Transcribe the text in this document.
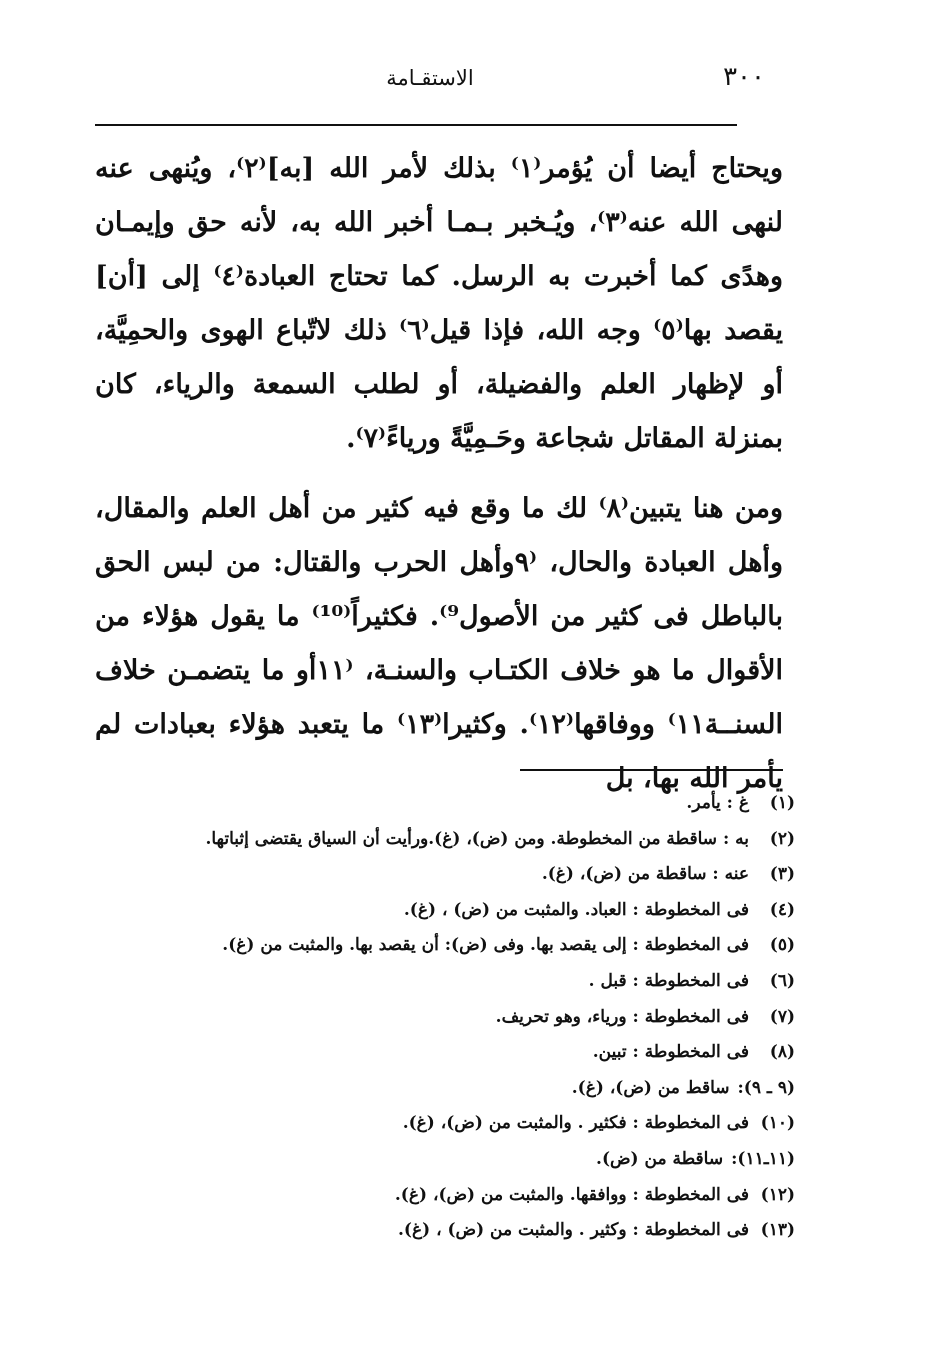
٣٠٠
الاستقـامة

ويحتاج أيضا أن يُؤمر⁽١⁾ بذلك لأمر الله [به]⁽٢⁾، ويُنهى عنه لنهى الله عنه⁽٣⁾، ويُـخبر بـمـا أخبر الله به، لأنه حق وإيمـان وهدًى كما أخبرت به الرسل. كما تحتاج العبادة⁽٤⁾ إلى [أن] يقصد بها⁽٥⁾ وجه الله، فإذا قيل⁽٦⁾ ذلك لاتّباع الهوى والحمِيَّة، أو لإظهار العلم والفضيلة، أو لطلب السمعة والرياء، كان بمنزلة المقاتل شجاعة وحَـمِيَّةً ورياءً⁽٧⁾.

ومن هنا يتبين⁽٨⁾ لك ما وقع فيه كثير من أهل العلم والمقال، وأهل العبادة والحال، ⁽٩وأهل الحرب والقتال: من لبس الحق بالباطل فى كثير من الأصول⁹⁾. فكثيراً⁽¹⁰⁾ ما يقول هؤلاء من الأقوال ما هو خلاف الكتـاب والسنـة، ⁽١١أو ما يتضمـن خلاف السنــة١١⁾ ووفاقها⁽١٢⁾. وكثيرا⁽١٣⁾ ما يتعبد هؤلاء بعبادات لم يأمر الله بها، بل

(١)غ : يأمر.
(٢)به : ساقطة من المخطوطة. ومن (ض)، (غ).ورأيت أن السياق يقتضى إثباتها.
(٣)عنه : ساقطة من (ض)، (غ).
(٤)فى المخطوطة : العباد. والمثبت من (ض) ، (غ).
(٥)فى المخطوطة : إلى يقصد بها. وفى (ض): أن يقصد بها. والمثبت من (غ).
(٦)فى المخطوطة : قبل .
(٧)فى المخطوطة : ورياء، وهو تحريف.
(٨)فى المخطوطة : تبين.
(٩ ـ ٩):ساقط من (ض)، (غ).
(١٠)فى المخطوطة : فكثير . والمثبت من (ض)، (غ).
(١١ـ١١):ساقطة من (ض).
(١٢)فى المخطوطة : ووافقها. والمثبت من (ض)، (غ).
(١٣)فى المخطوطة : وكثير . والمثبت من (ض) ، (غ).
